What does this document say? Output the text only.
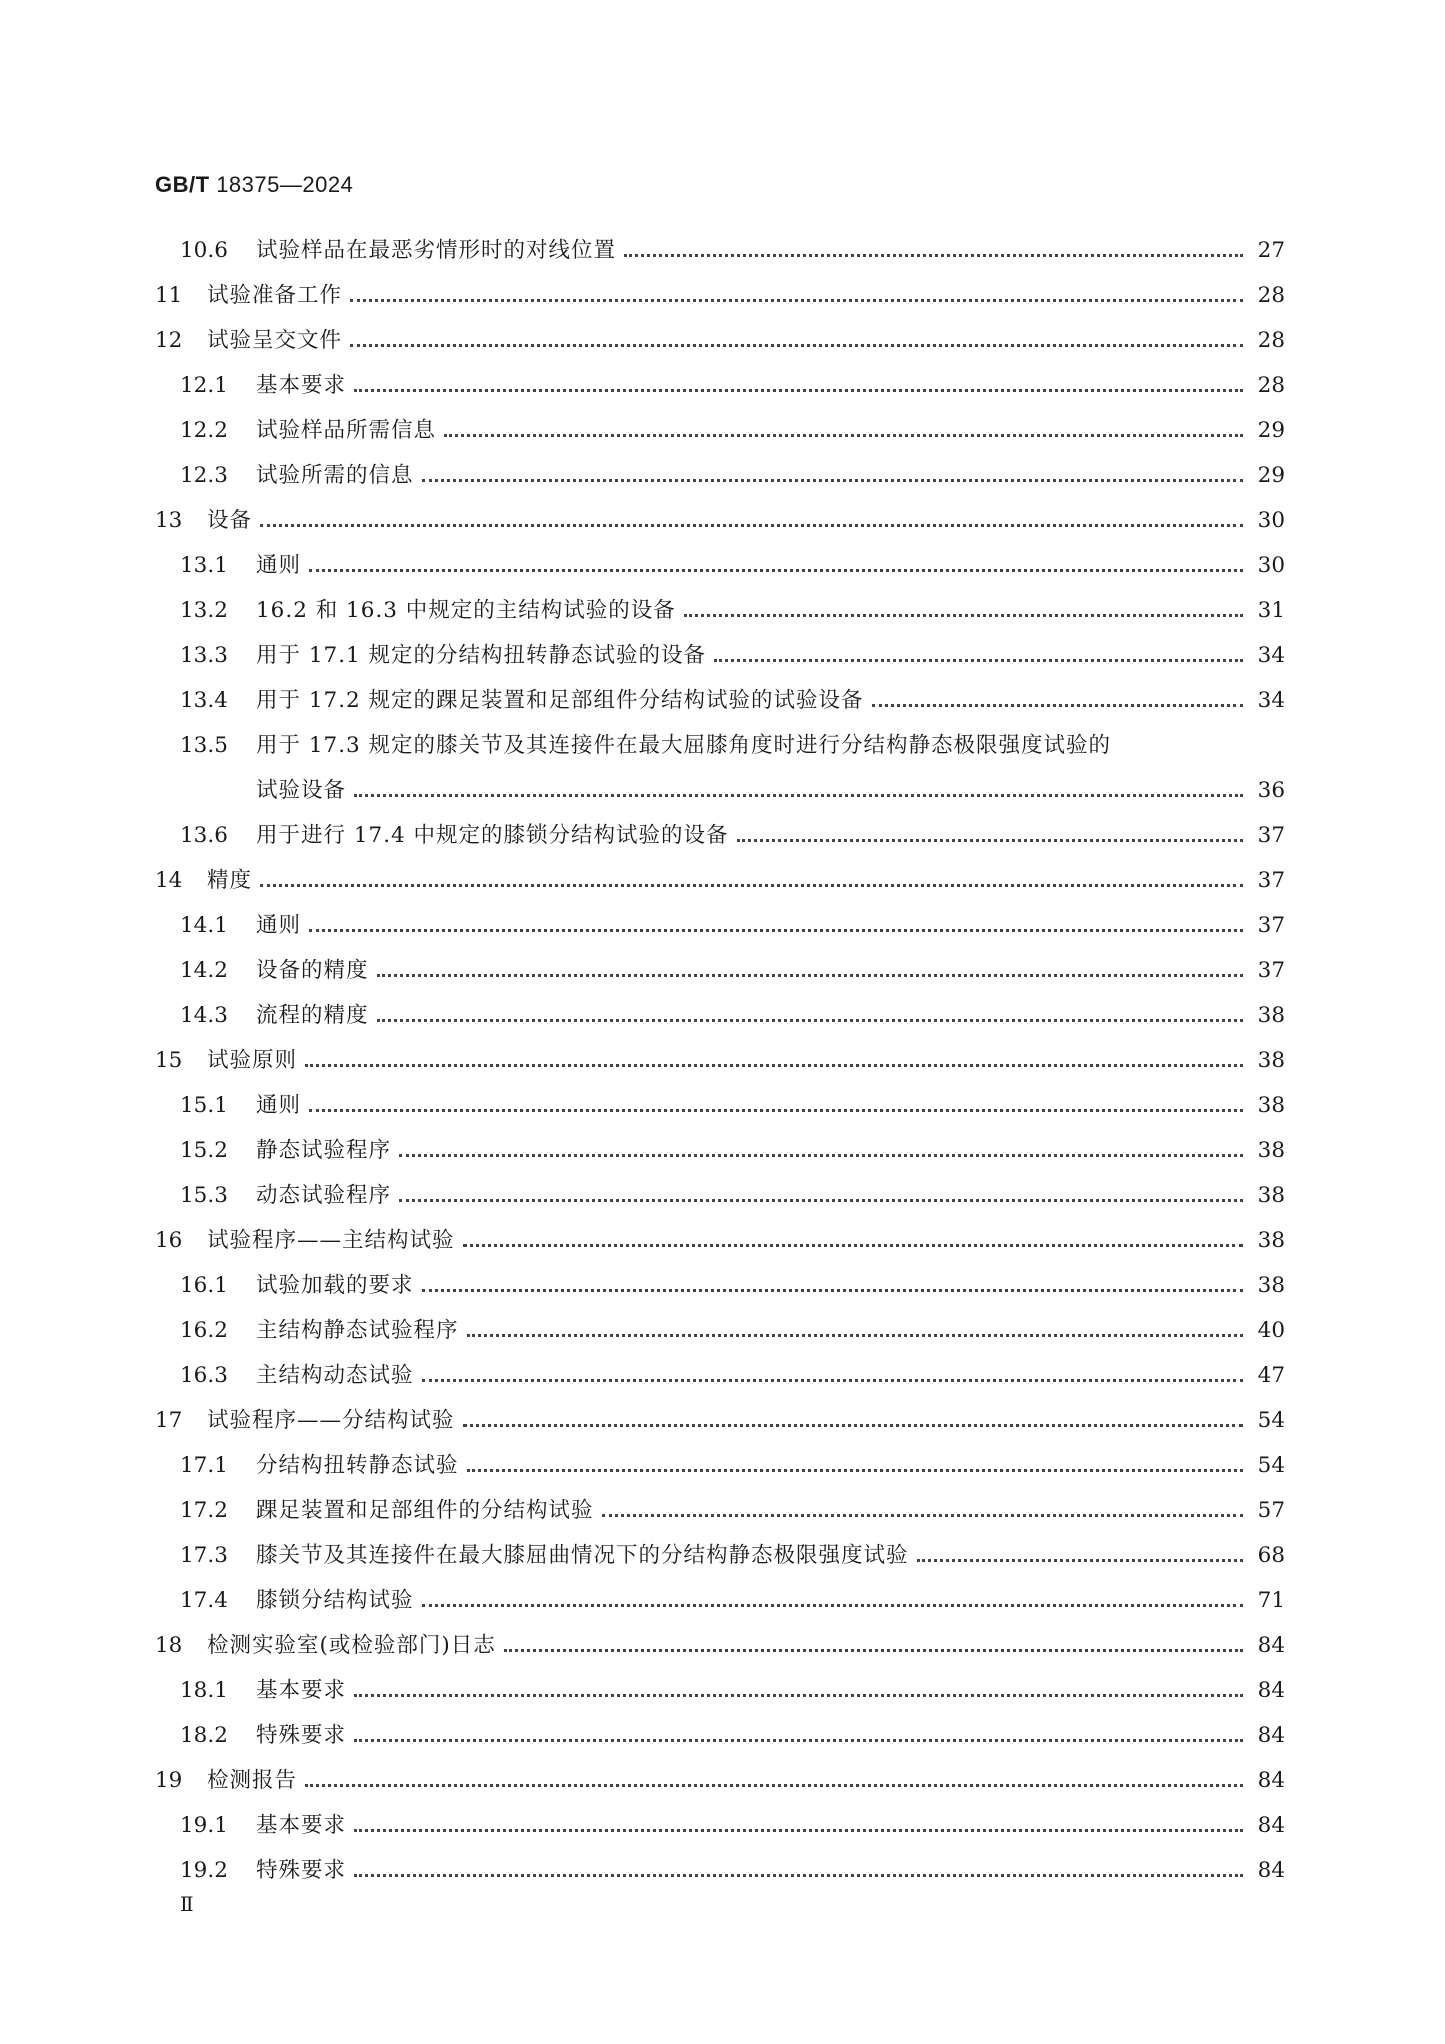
GB/T 18375—2024
10.6	试验样品在最恶劣情形时的对线位置	27
11	试验准备工作	28
12	试验呈交文件	28
12.1	基本要求	28
12.2	试验样品所需信息	29
12.3	试验所需的信息	29
13	设备	30
13.1	通则	30
13.2	16.2 和 16.3 中规定的主结构试验的设备	31
13.3	用于 17.1 规定的分结构扭转静态试验的设备	34
13.4	用于 17.2 规定的踝足装置和足部组件分结构试验的试验设备	34
13.5	用于 17.3 规定的膝关节及其连接件在最大屈膝角度时进行分结构静态极限强度试验的
试验设备	36
13.6	用于进行 17.4 中规定的膝锁分结构试验的设备	37
14	精度	37
14.1	通则	37
14.2	设备的精度	37
14.3	流程的精度	38
15	试验原则	38
15.1	通则	38
15.2	静态试验程序	38
15.3	动态试验程序	38
16	试验程序——主结构试验	38
16.1	试验加载的要求	38
16.2	主结构静态试验程序	40
16.3	主结构动态试验	47
17	试验程序——分结构试验	54
17.1	分结构扭转静态试验	54
17.2	踝足装置和足部组件的分结构试验	57
17.3	膝关节及其连接件在最大膝屈曲情况下的分结构静态极限强度试验	68
17.4	膝锁分结构试验	71
18	检测实验室(或检验部门)日志	84
18.1	基本要求	84
18.2	特殊要求	84
19	检测报告	84
19.1	基本要求	84
19.2	特殊要求	84
Ⅱ
